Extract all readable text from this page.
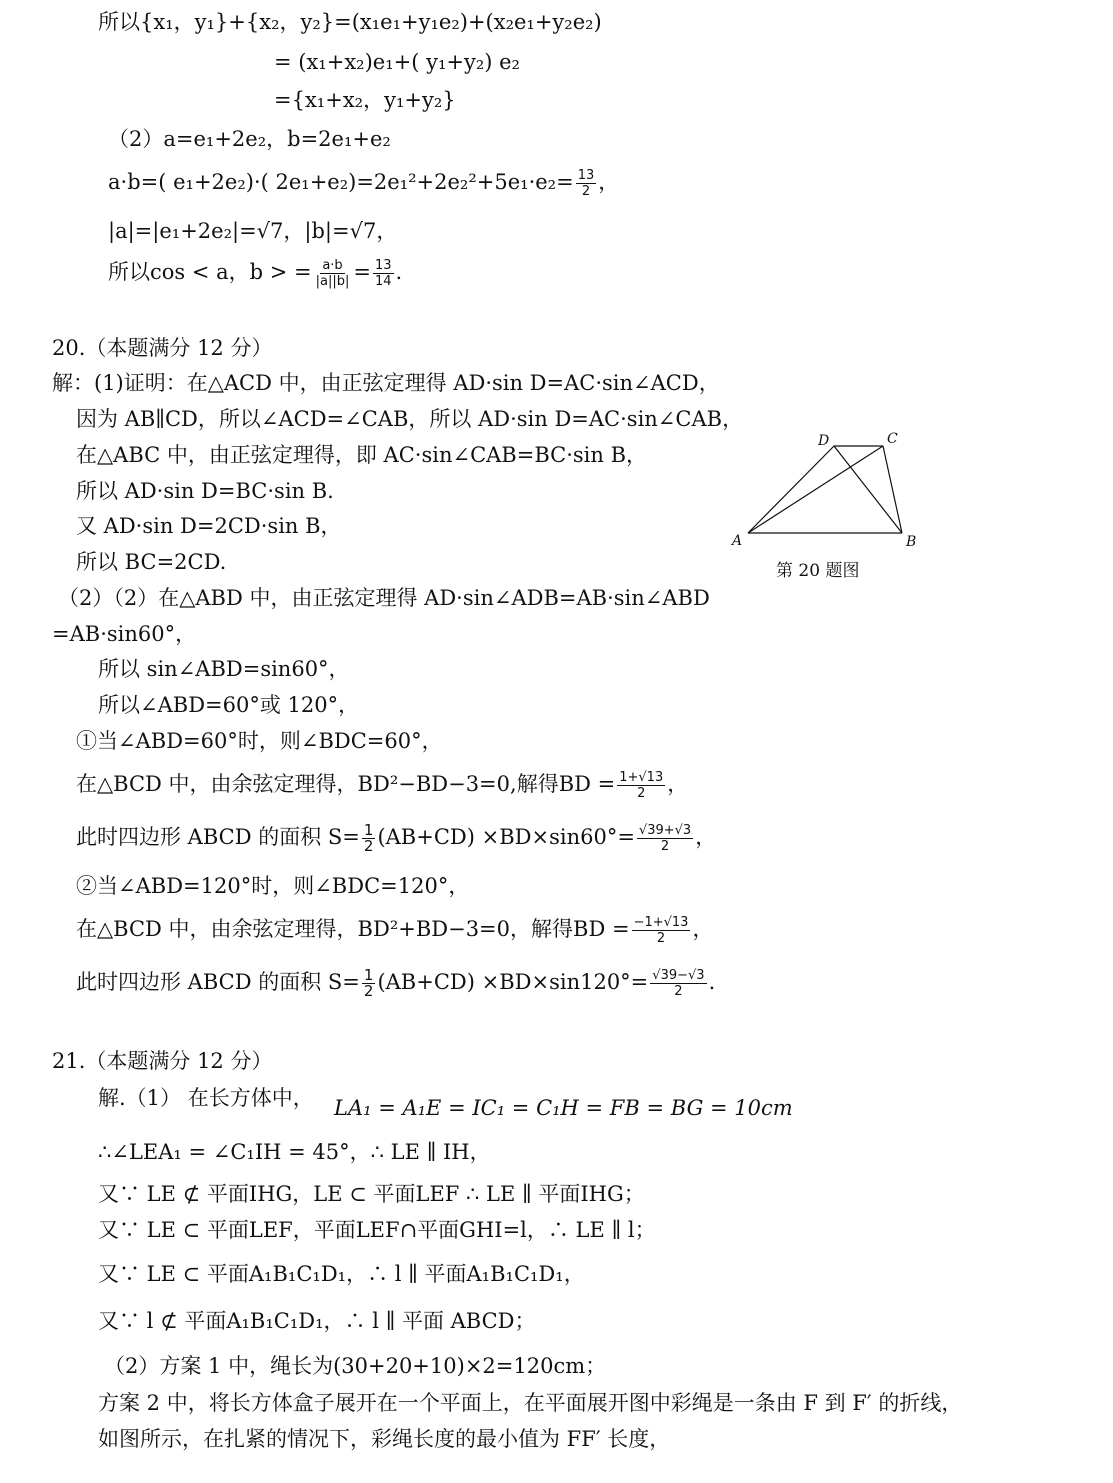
所以{x₁，y₁}+{x₂，y₂}=(x₁e₁+y₁e₂)+(x₂e₁+y₂e₂)
= (x₁+x₂)e₁+( y₁+y₂) e₂
={x₁+x₂，y₁+y₂}
（2）a=e₁+2e₂，b=2e₁+e₂
a·b=( e₁+2e₂)·( $2e_1+e_2)=2e_1^2+2e_2^2+5e_1\cdot e_2= \frac{13}{2}$ ，
|a|=|e₁+2e₂|=√7，|b|=√7，
所以cos < a，b > = $\frac{a\cdot b}{|a||b|} = \frac{13}{14}$ .
20.（本题满分 12 分）
解：(1)证明：在△ACD 中，由正弦定理得 AD·sin D=AC·sin∠ACD，
因为 AB∥CD，所以∠ACD=∠CAB，所以 AD·sin D=AC·sin∠CAB，
在△ABC 中，由正弦定理得，即 AC·sin∠CAB=BC·sin B，
所以 AD·sin D=BC·sin B.
又 AD·sin D=2CD·sin B，
所以 BC=2CD.
（2）（2）在△ABD 中，由正弦定理得 AD·sin∠ADB=AB·sin∠ABD
=AB·sin60°，
所以 sin∠ABD=sin60°，
所以∠ABD=60°或 120°，
①当∠ABD=60°时，则∠BDC=60°，
在△BCD 中，由余弦定理得，BD²−BD−3=0,解得BD = $\frac{1+√13}{2}$ ，
此时四边形 ABCD 的面积 $S= \frac{1}{2} (AB+CD) \times BD\times\sin 60^\circ= \frac{√39+√3}{2}$ ，
②当∠ABD=120°时，则∠BDC=120°，
在△BCD 中，由余弦定理得，BD²+BD−3=0，解得BD = $\frac{-1+√13}{2}$ ，
此时四边形 ABCD 的面积 $S= \frac{1}{2} (AB+CD) \times BD\times\sin 120^\circ= \frac{√39-√3}{2}$ .
A	B
C
D
第 20 题图
21.（本题满分 12 分）
解.（1） 在长方体中， LA₁ = A₁E = IC₁ = C₁H = FB = BG = 10cm
∴∠LEA₁ = ∠C₁IH = 45°，∴ LE ∥ IH，
又∵ LE ⊄ 平面IHG，LE ⊂ 平面LEF ∴ LE ∥ 平面IHG；
又∵ LE ⊂ 平面LEF，平面LEF∩平面GHI=l，∴ LE ∥ l；
又∵ LE ⊂ 平面A₁B₁C₁D₁，∴ l ∥ 平面A₁B₁C₁D₁，
又∵ l ⊄ 平面A₁B₁C₁D₁，∴ l ∥ 平面 ABCD；
（2）方案 1 中，绳长为(30+20+10)×2=120cm；
方案 2 中，将长方体盒子展开在一个平面上，在平面展开图中彩绳是一条由 F 到 F′ 的折线，
如图所示，在扎紧的情况下，彩绳长度的最小值为 FF′ 长度，
